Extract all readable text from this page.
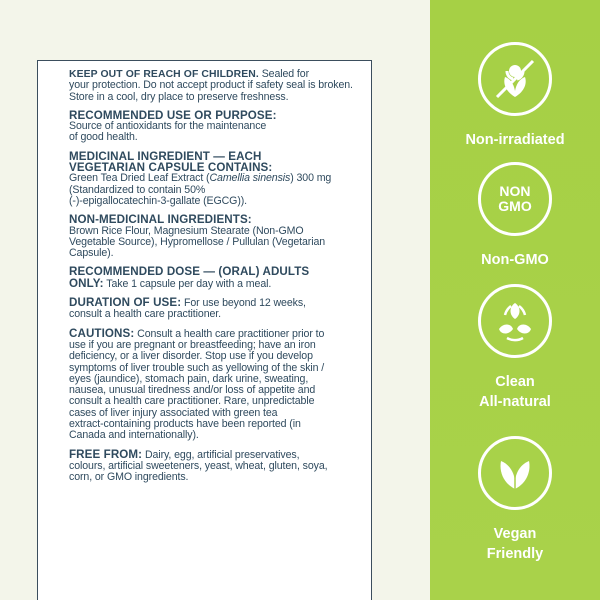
KEEP OUT OF REACH OF CHILDREN. Sealed for
your protection. Do not accept product if safety seal is broken.
Store in a cool, dry place to preserve freshness.
RECOMMENDED USE OR PURPOSE:
Source of antioxidants for the maintenance
of good health.
MEDICINAL INGREDIENT — EACH
VEGETARIAN CAPSULE CONTAINS:
Green Tea Dried Leaf Extract (Camellia sinensis) 300 mg
(Standardized to contain 50%
(-)-epigallocatechin-3-gallate (EGCG)).
NON-MEDICINAL INGREDIENTS:
Brown Rice Flour, Magnesium Stearate (Non-GMO
Vegetable Source), Hypromellose / Pullulan (Vegetarian
Capsule).
RECOMMENDED DOSE — (ORAL) ADULTS
ONLY: Take 1 capsule per day with a meal.
DURATION OF USE: For use beyond 12 weeks,
consult a health care practitioner.
CAUTIONS: Consult a health care practitioner prior to
use if you are pregnant or breastfeeding; have an iron
deficiency, or a liver disorder. Stop use if you develop
symptoms of liver trouble such as yellowing of the skin /
eyes (jaundice), stomach pain, dark urine, sweating,
nausea, unusual tiredness and/or loss of appetite and
consult a health care practitioner. Rare, unpredictable
cases of liver injury associated with green tea
extract-containing products have been reported (in
Canada and internationally).
FREE FROM: Dairy, egg, artificial preservatives,
colours, artificial sweeteners, yeast, wheat, gluten, soya,
corn, or GMO ingredients.
Non-irradiated
NON
GMO
Non-GMO
Clean
All-natural
Vegan
Friendly
